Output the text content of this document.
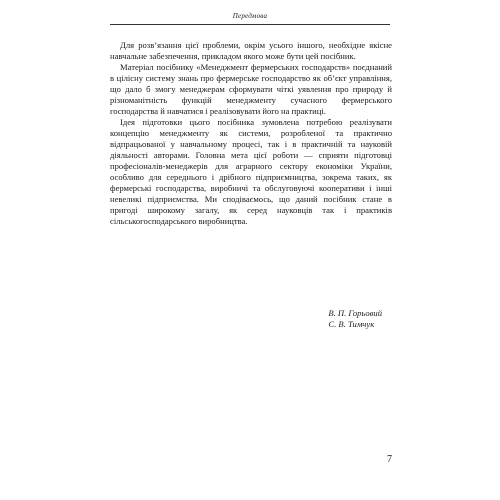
Передмова

Для розв’язання цієї проблеми, окрім усього іншого, необхідне якісне навчальне забезпечення, прикладом якого може бути цей посібник.

Матеріал посібнику «Менеджмент фермерських господарств» поєднаний в цілісну систему знань про фермерське господарство як об’єкт управління, що дало б змогу менеджерам сформувати чіткі уявлення про природу й різноманітність функцій менеджменту сучасного фермерського господарства й навчатися і реалізовувати його на практиці.

Ідея підготовки цього посібника зумовлена потребою реалізувати концепцію менеджменту як системи, розробленої та практично відпрацьованої у навчальному процесі, так і в практичній та науковій діяльності авторами. Головна мета цієї роботи — сприяти підготовці професіоналів-менеджерів для аграрного сектору економіки України, особливо для середнього і дрібного підприємництва, зокрема таких, як фермерські господарства, виробничі та обслуговуючі кооперативи і інші невеликі підприємства. Ми сподіваємось, що даний посібник стане в пригоді широкому загалу, як серед науковців так і практиків сільськогосподарського виробництва.

В. П. Горьовий
С. В. Тимчук
7
